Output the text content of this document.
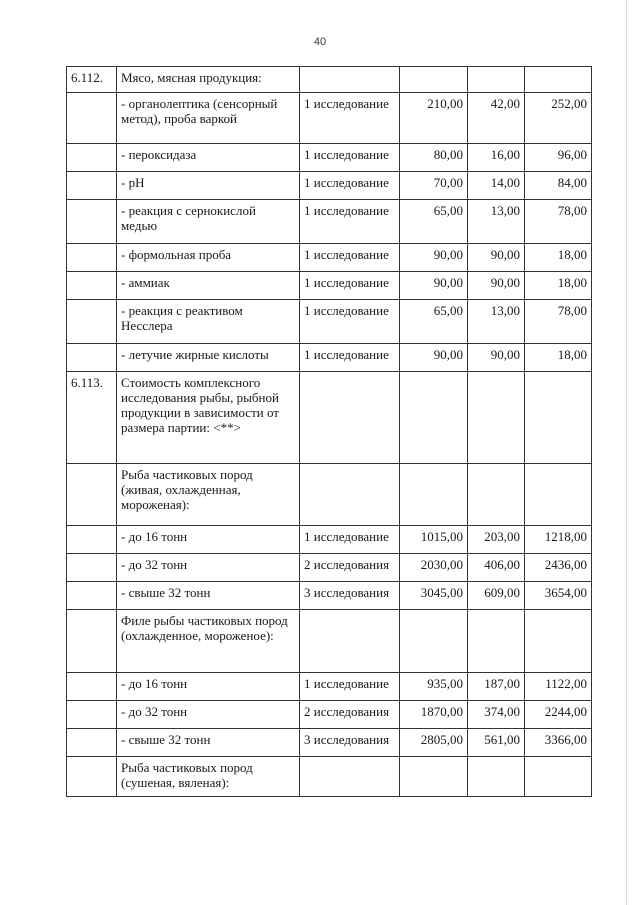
40
6.112.	Мясо, мясная продукция:				
	- органолептика (сенсорный метод), проба варкой	1 исследование	210,00	42,00	252,00
	- пероксидаза	1 исследование	80,00	16,00	96,00
	- pH	1 исследование	70,00	14,00	84,00
	- реакция с сернокислой медью	1 исследование	65,00	13,00	78,00
	- формольная проба	1 исследование	90,00	90,00	18,00
	- аммиак	1 исследование	90,00	90,00	18,00
	- реакция с реактивом Несслера	1 исследование	65,00	13,00	78,00
	- летучие жирные кислоты	1 исследование	90,00	90,00	18,00
6.113.	Стоимость комплексного исследования рыбы, рыбной продукции в зависимости от размера партии: <**>				
	Рыба частиковых пород (живая, охлажденная, мороженая):				
	- до 16 тонн	1 исследование	1015,00	203,00	1218,00
	- до 32 тонн	2 исследования	2030,00	406,00	2436,00
	- свыше 32 тонн	3 исследования	3045,00	609,00	3654,00
	Филе рыбы частиковых пород (охлажденное, мороженое):				
	- до 16 тонн	1 исследование	935,00	187,00	1122,00
	- до 32 тонн	2 исследования	1870,00	374,00	2244,00
	- свыше 32 тонн	3 исследования	2805,00	561,00	3366,00
	Рыба частиковых пород (сушеная, вяленая):				
